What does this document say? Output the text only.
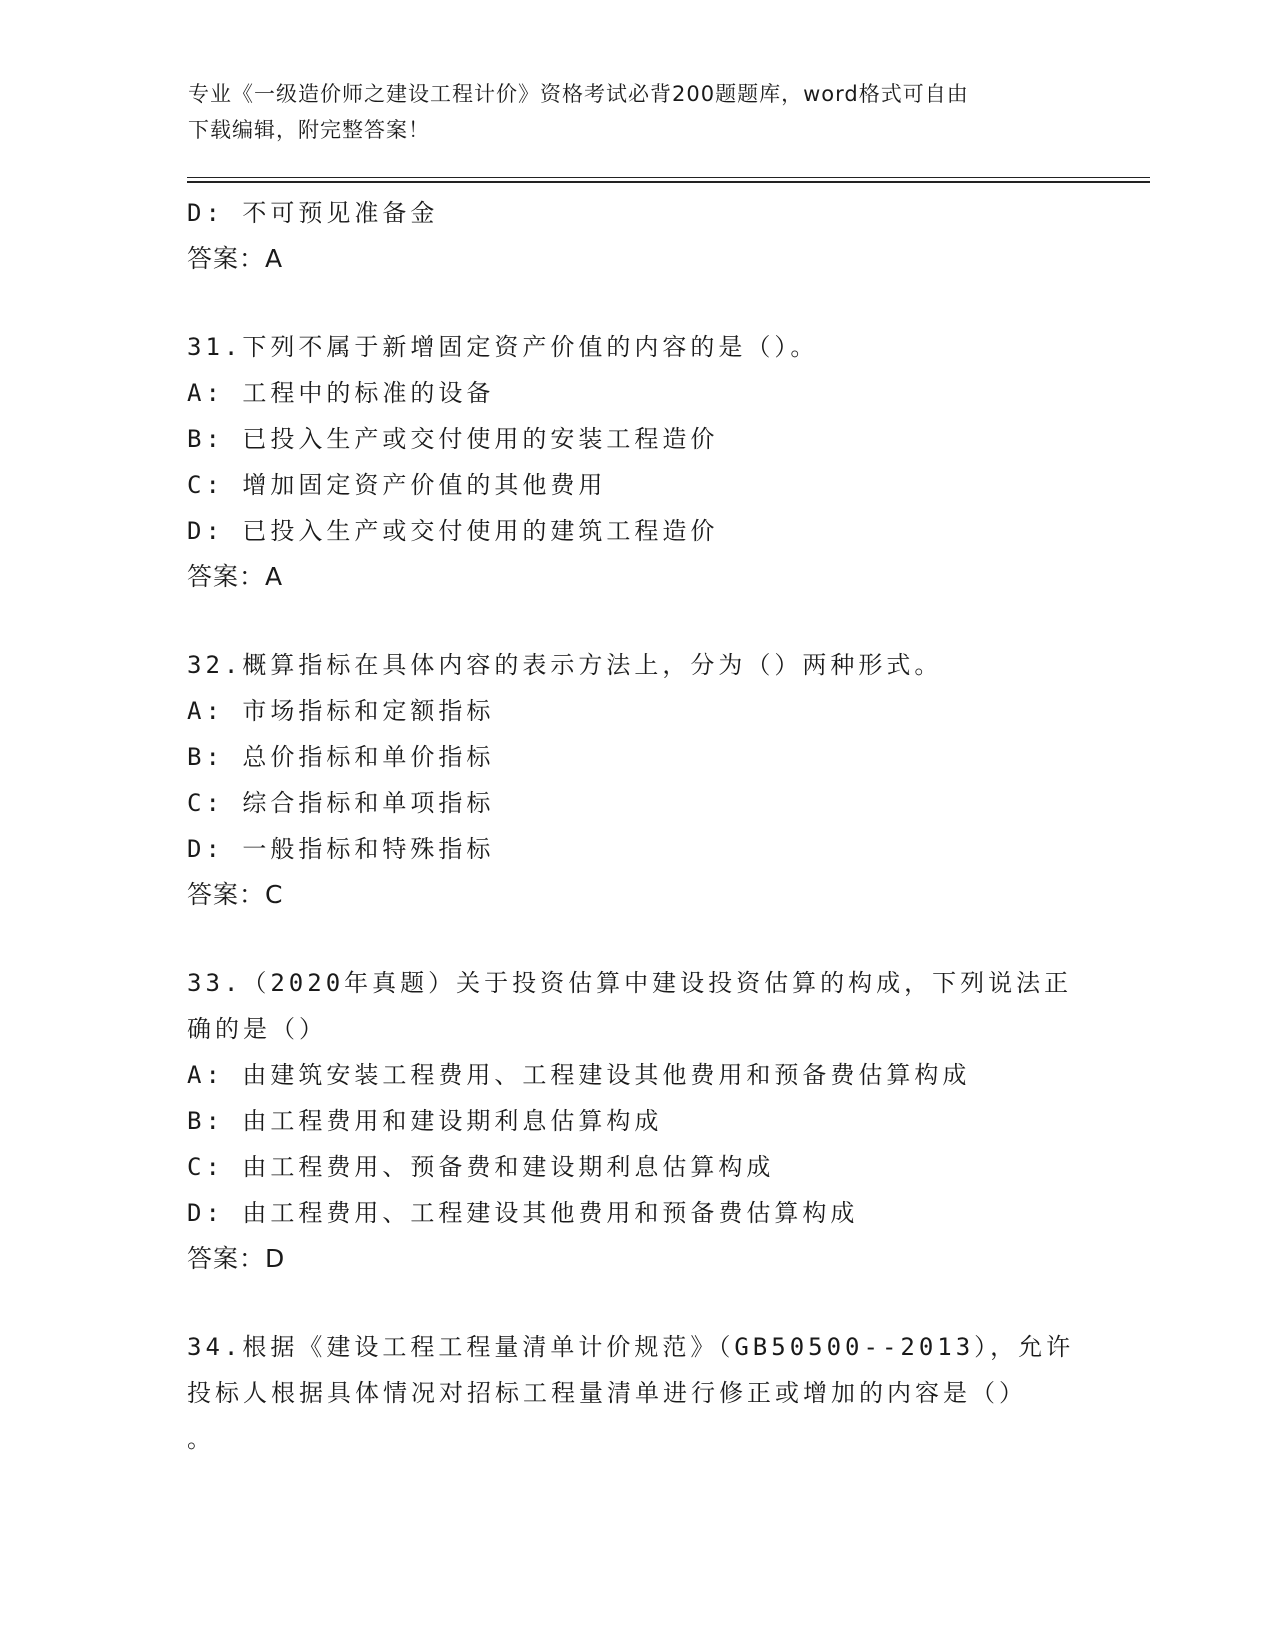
专业《一级造价师之建设工程计价》资格考试必背200题题库，word格式可自由
下载编辑，附完整答案！
D: 不可预见准备金
答案：A
31.下列不属于新增固定资产价值的内容的是（）。
A: 工程中的标准的设备
B: 已投入生产或交付使用的安装工程造价
C: 增加固定资产价值的其他费用
D: 已投入生产或交付使用的建筑工程造价
答案：A
32.概算指标在具体内容的表示方法上，分为（）两种形式。
A: 市场指标和定额指标
B: 总价指标和单价指标
C: 综合指标和单项指标
D: 一般指标和特殊指标
答案：C
33.（2020年真题）关于投资估算中建设投资估算的构成，下列说法正
确的是（）
A: 由建筑安装工程费用、工程建设其他费用和预备费估算构成
B: 由工程费用和建设期利息估算构成
C: 由工程费用、预备费和建设期利息估算构成
D: 由工程费用、工程建设其他费用和预备费估算构成
答案：D
34.根据《建设工程工程量清单计价规范》（GB50500--2013），允许
投标人根据具体情况对招标工程量清单进行修正或增加的内容是（）
。
